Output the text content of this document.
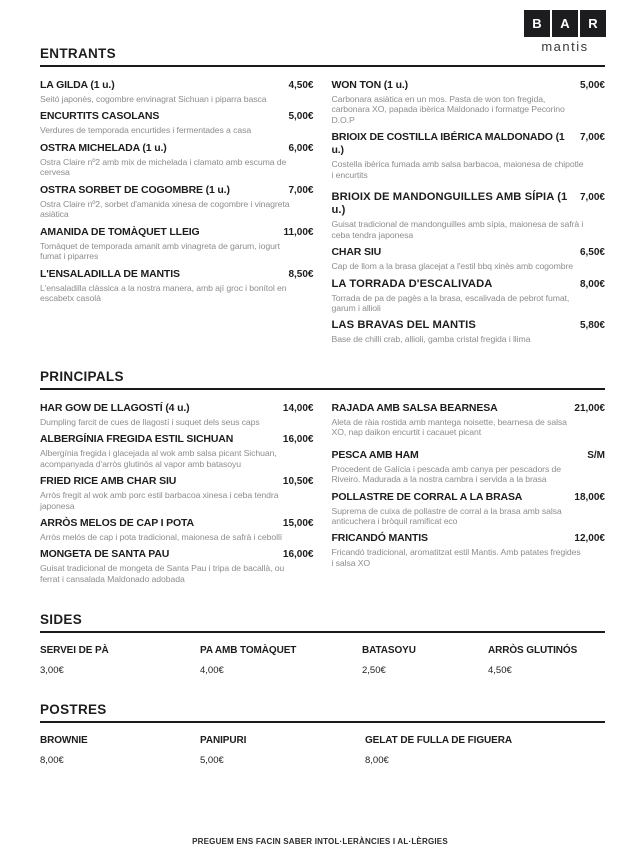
B	A	R
mantis
ENTRANTS
LA GILDA (1 u.)	4,50€
Seitó japonès, cogombre envinagrat Sichuan i piparra basca
ENCURTITS CASOLANS	5,00€
Verdures de temporada encurtides i fermentades a casa
OSTRA MICHELADA (1 u.)	6,00€
Ostra Claire nº2 amb mix de michelada i clamato amb escuma de cervesa
OSTRA SORBET DE COGOMBRE (1 u.)	7,00€
Ostra Claire nº2, sorbet d'amanida xinesa de cogombre i vinagreta asiàtica
AMANIDA DE TOMÀQUET LLEIG	11,00€
Tomàquet de temporada amanit amb vinagreta de garum, iogurt fumat i piparres
L'ENSALADILLA DE MANTIS	8,50€
L'ensaladilla clàssica a la nostra manera, amb ají groc i bonítol en escabetx casolà
WON TON (1 u.)	5,00€
Carbonara asiàtica en un mos. Pasta de won ton fregida, carbonara XO, papada ibèrica Maldonado i formatge Pecorino D.O.P
BRIOIX DE COSTILLA IBÉRICA MALDONADO (1 u.)
7,00€
Costella ibèrica fumada amb salsa barbacoa, maionesa de chipotle i encurtits
BRIOIX DE MANDONGUILLES AMB SÍPIA (1 u.)
7,00€
Guisat tradicional de mandonguilles amb sípia, maionesa de safrà i ceba tendra japonesa
CHAR SIU	6,50€
Cap de llom a la brasa glacejat a l'estil bbq xinès amb cogombre
LA TORRADA D'ESCALIVADA	8,00€
Torrada de pa de pagès a la brasa, escalivada de pebrot fumat, garum i allioli
LAS BRAVAS DEL MANTIS	5,80€
Base de chilli crab, allioli, gamba cristal fregida i llima
PRINCIPALS
HAR GOW DE LLAGOSTÍ (4 u.)	14,00€
Dumpling farcit de cues de llagostí i suquet dels seus caps
ALBERGÍNIA FREGIDA ESTIL SICHUAN	16,00€
Albergínia fregida i glacejada al wok amb salsa picant Sichuan, acompanyada d'arròs glutinós al vapor amb batasoyu
FRIED RICE AMB CHAR SIU	10,50€
Arròs fregit al wok amb porc estil barbacoa xinesa i ceba tendra japonesa
ARRÒS MELOS DE CAP I POTA	15,00€
Arròs melós de cap i pota tradicional, maionesa de safrà i cebollí
MONGETA DE SANTA PAU	16,00€
Guisat tradicional de mongeta de Santa Pau i tripa de bacallà, ou ferrat i cansalada Maldonado adobada
RAJADA AMB SALSA BEARNESA	21,00€
Aleta de ràia rostida amb mantega noisette, bearnesa de salsa XO, nap daikon encurtit i cacauet picant
PESCA AMB HAM	S/M
Procedent de Galícia i pescada amb canya per pescadors de Riveiro. Madurada a la nostra cambra i servida a la brasa
POLLASTRE DE CORRAL A LA BRASA	18,00€
Suprema de cuixa de pollastre de corral a la brasa amb salsa anticuchera i bròquil ramificat eco
FRICANDÓ MANTIS	12,00€
Fricandó tradicional, aromatitzat estil Mantis. Amb patates fregides i salsa XO
SIDES
SERVEI DE PÀ
3,00€
PA AMB TOMÀQUET
4,00€
BATASOYU
2,50€
ARRÒS GLUTINÓS
4,50€
POSTRES
BROWNIE
8,00€
PANIPURI
5,00€
GELAT DE FULLA DE FIGUERA
8,00€
PREGUEM ENS FACIN SABER INTOL·LERÀNCIES I AL·LÈRGIES
